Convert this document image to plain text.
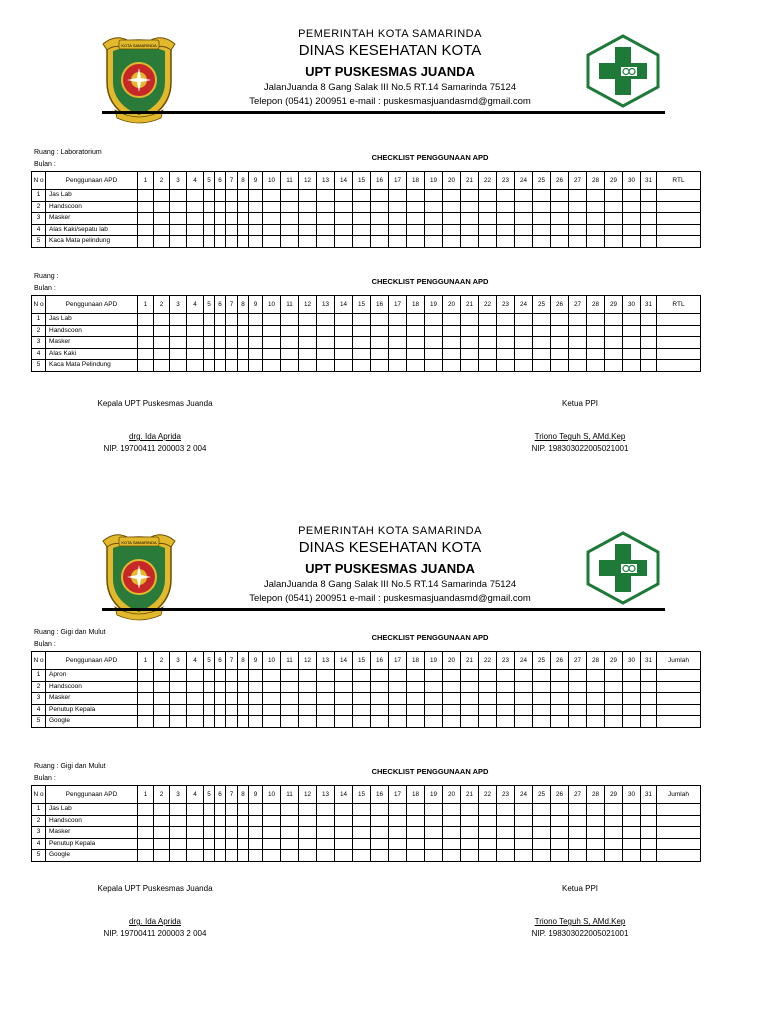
KOTA SAMARINDA
PEMERINTAH KOTA SAMARINDA
DINAS KESEHATAN KOTA
UPT PUSKESMAS JUANDA
JalanJuanda 8 Gang Salak III No.5 RT.14 Samarinda 75124
Telepon (0541) 200951 e-mail : puskesmasjuandasmd@gmail.com
Ruang : Laboratorium
Bulan :
CHECKLIST PENGGUNAAN APD
N o	Penggunaan APD	1	2	3	4	5	6	7	8	9	10	11	12	13	14	15	16	17	18	19	20	21	22	23	24	25	26	27	28	29	30	31	RTL
1	Jas Lab																																
2	Handscoon																																
3	Masker																																
4	Alas Kaki/sepatu lab																																
5	Kaca Mata pelindung																																
Ruang :
Bulan :
CHECKLIST PENGGUNAAN APD
N o	Penggunaan APD	1	2	3	4	5	6	7	8	9	10	11	12	13	14	15	16	17	18	19	20	21	22	23	24	25	26	27	28	29	30	31	RTL
1	Jas Lab																																
2	Handscoon																																
3	Masker																																
4	Alas Kaki																																
5	Kaca Mata Pelindung																																
Kepala UPT Puskesmas Juanda
drg. Ida Aprida
NIP. 19700411 200003 2 004
Ketua PPI
Triono Teguh S, AMd.Kep
NIP. 198303022005021001
KOTA SAMARINDA
PEMERINTAH KOTA SAMARINDA
DINAS KESEHATAN KOTA
UPT PUSKESMAS JUANDA
JalanJuanda 8 Gang Salak III No.5 RT.14 Samarinda 75124
Telepon (0541) 200951 e-mail : puskesmasjuandasmd@gmail.com
Ruang : Gigi dan Mulut
Bulan :
CHECKLIST PENGGUNAAN APD
N o	Penggunaan APD	1	2	3	4	5	6	7	8	9	10	11	12	13	14	15	16	17	18	19	20	21	22	23	24	25	26	27	28	29	30	31	Jumlah
1	Apron																																
2	Handscoon																																
3	Masker																																
4	Penutup Kepala																																
5	Google																																
Ruang : Gigi dan Mulut
Bulan :
CHECKLIST PENGGUNAAN APD
N o	Penggunaan APD	1	2	3	4	5	6	7	8	9	10	11	12	13	14	15	16	17	18	19	20	21	22	23	24	25	26	27	28	29	30	31	Jumlah
1	Jas Lab																																
2	Handscoon																																
3	Masker																																
4	Penutup Kepala																																
5	Google																																
Kepala UPT Puskesmas Juanda
drg. Ida Aprida
NIP. 19700411 200003 2 004
Ketua PPI
Triono Teguh S, AMd.Kep
NIP. 198303022005021001
